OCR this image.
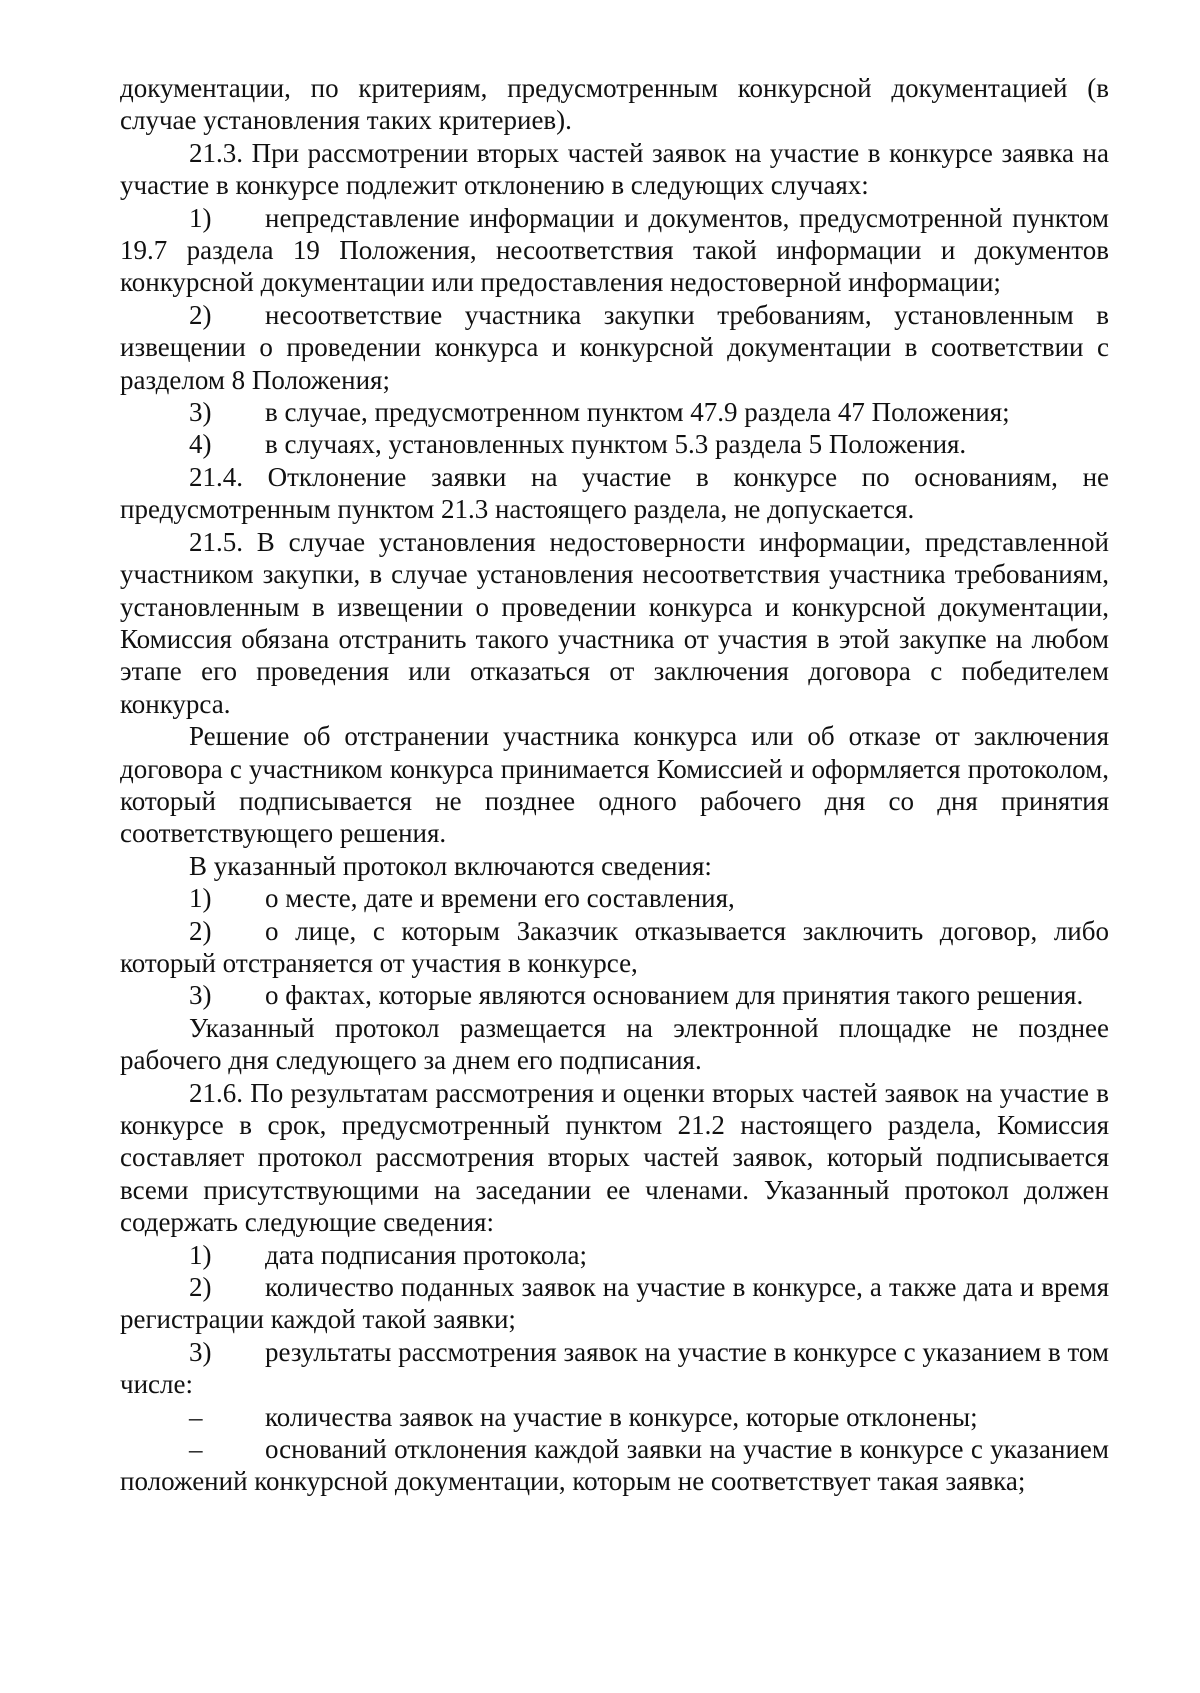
документации, по критериям, предусмотренным конкурсной документацией (в случае установления таких критериев).

21.3. При рассмотрении вторых частей заявок на участие в конкурсе заявка на участие в конкурсе подлежит отклонению в следующих случаях:

1) непредставление информации и документов, предусмотренной пунктом 19.7 раздела 19 Положения, несоответствия такой информации и документов конкурсной документации или предоставления недостоверной информации;

2) несоответствие участника закупки требованиям, установленным в извещении о проведении конкурса и конкурсной документации в соответствии с разделом 8 Положения;

3) в случае, предусмотренном пунктом 47.9 раздела 47 Положения;

4) в случаях, установленных пунктом 5.3 раздела 5 Положения.

21.4. Отклонение заявки на участие в конкурсе по основаниям, не предусмотренным пунктом 21.3 настоящего раздела, не допускается.

21.5. В случае установления недостоверности информации, представленной участником закупки, в случае установления несоответствия участника требованиям, установленным в извещении о проведении конкурса и конкурсной документации, Комиссия обязана отстранить такого участника от участия в этой закупке на любом этапе его проведения или отказаться от заключения договора с победителем конкурса.

Решение об отстранении участника конкурса или об отказе от заключения договора с участником конкурса принимается Комиссией и оформляется протоколом, который подписывается не позднее одного рабочего дня со дня принятия соответствующего решения.

В указанный протокол включаются сведения:

1) о месте, дате и времени его составления,

2) о лице, с которым Заказчик отказывается заключить договор, либо который отстраняется от участия в конкурсе,

3) о фактах, которые являются основанием для принятия такого решения.

Указанный протокол размещается на электронной площадке не позднее рабочего дня следующего за днем его подписания.

21.6. По результатам рассмотрения и оценки вторых частей заявок на участие в конкурсе в срок, предусмотренный пунктом 21.2 настоящего раздела, Комиссия составляет протокол рассмотрения вторых частей заявок, который подписывается всеми присутствующими на заседании ее членами. Указанный протокол должен содержать следующие сведения:

1) дата подписания протокола;

2) количество поданных заявок на участие в конкурсе, а также дата и время регистрации каждой такой заявки;

3) результаты рассмотрения заявок на участие в конкурсе с указанием в том числе:

– количества заявок на участие в конкурсе, которые отклонены;

– оснований отклонения каждой заявки на участие в конкурсе с указанием положений конкурсной документации, которым не соответствует такая заявка;
